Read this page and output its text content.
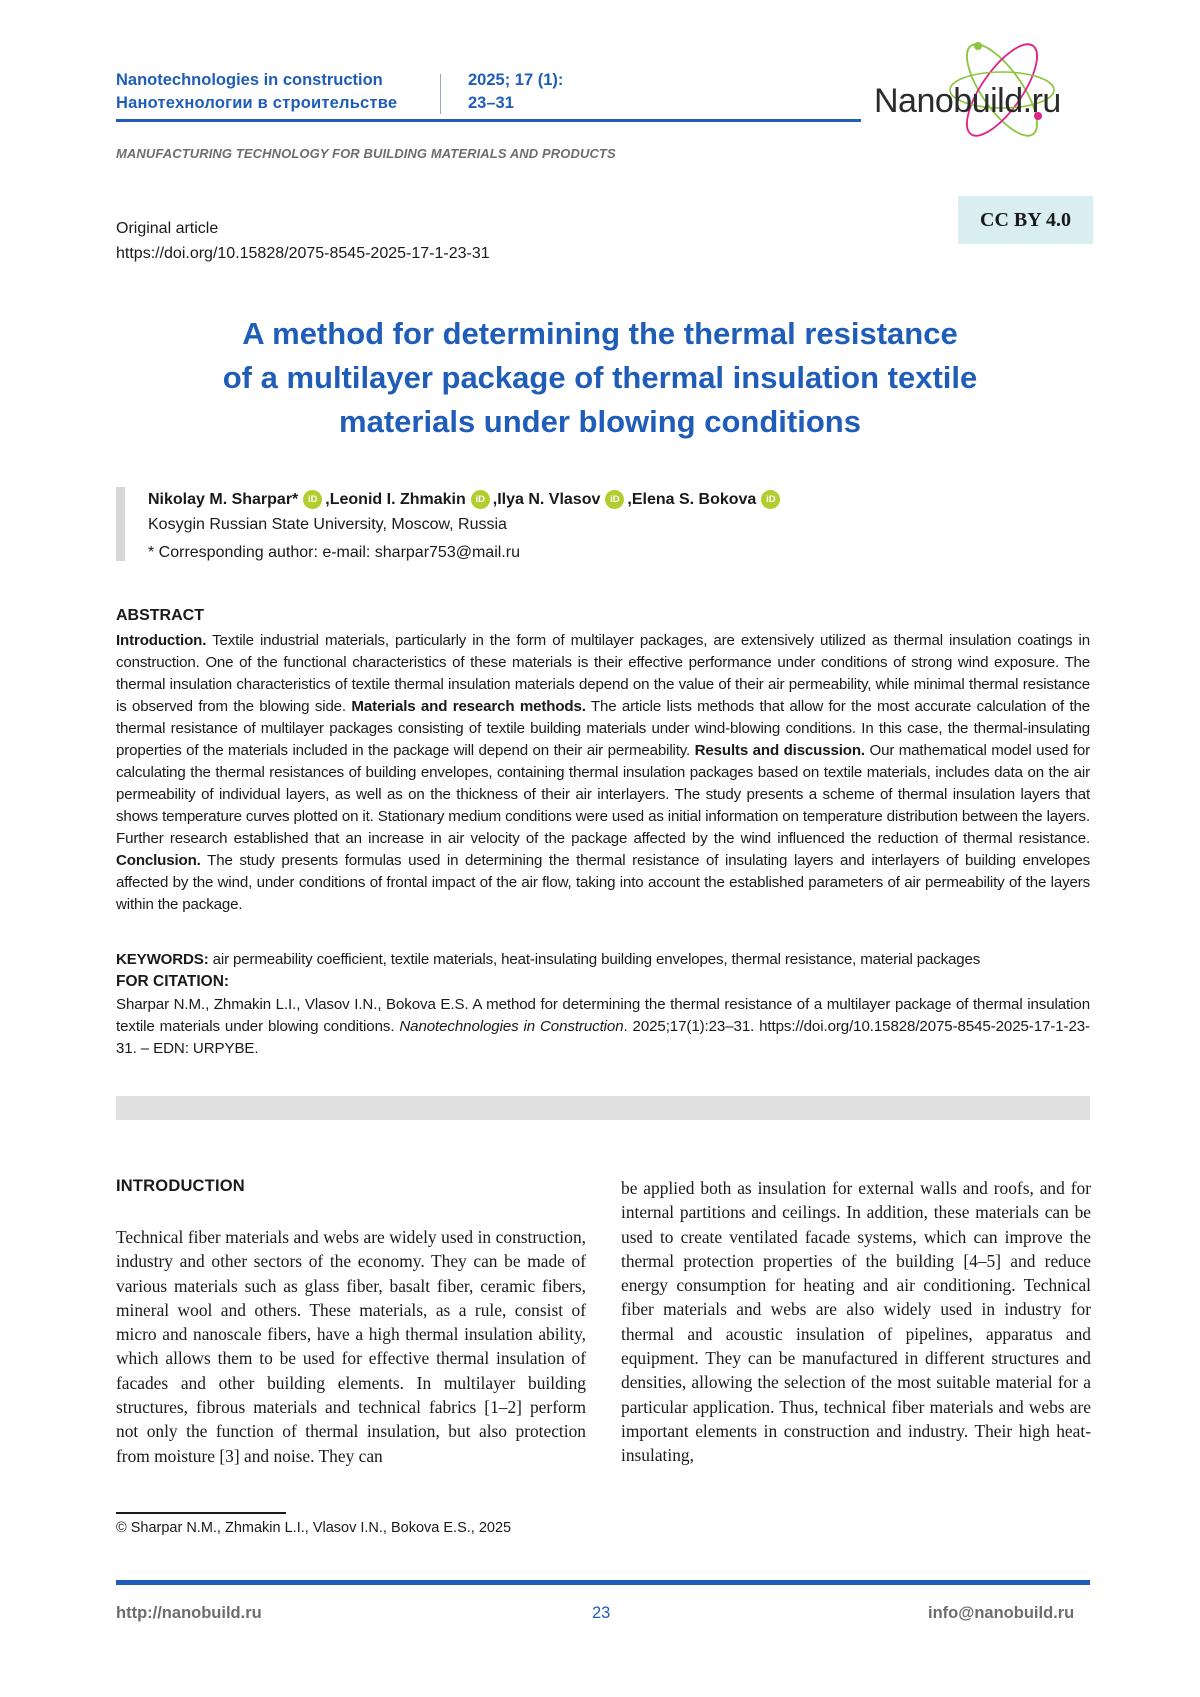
Nanotechnologies in construction
Нанотехнологии в строительстве
2025; 17 (1):
23–31	Nanobuild.ru
MANUFACTURING TECHNOLOGY FOR BUILDING MATERIALS AND PRODUCTS
Original article
https://doi.org/10.15828/2075-8545-2025-17-1-23-31
CC BY 4.0
A method for determining the thermal resistance
of a multilayer package of thermal insulation textile
materials under blowing conditions
Nikolay M. Sharpar*	iD , Leonid I. Zhmakin	iD , Ilya N. Vlasov	iD , Elena S. Bokova	iD
Kosygin Russian State University, Moscow, Russia
* Corresponding author: e-mail: sharpar753@mail.ru
ABSTRACT
Introduction. Textile industrial materials, particularly in the form of multilayer packages, are extensively utilized as thermal insulation coatings in construction. One of the functional characteristics of these materials is their effective performance under conditions of strong wind exposure. The thermal insulation characteristics of textile thermal insulation materials depend on the value of their air permeability, while minimal thermal resistance is observed from the blowing side. Materials and research methods. The article lists methods that allow for the most accurate calculation of the thermal resistance of multilayer packages consisting of textile building materials under wind-blowing conditions. In this case, the thermal-insulating properties of the materials included in the package will depend on their air permeability. Results and discussion. Our mathematical model used for calculating the thermal resistances of building envelopes, containing thermal insulation packages based on textile materials, includes data on the air permeability of individual layers, as well as on the thickness of their air interlayers. The study presents a scheme of thermal insulation layers that shows temperature curves plotted on it. Stationary medium conditions were used as initial information on temperature distribution between the layers. Further research established that an increase in air velocity of the package affected by the wind influenced the reduction of thermal resistance. Conclusion. The study presents formulas used in determining the thermal resistance of insulating layers and interlayers of building envelopes affected by the wind, under conditions of frontal impact of the air flow, taking into account the established parameters of air permeability of the layers within the package.
KEYWORDS: air permeability coefficient, textile materials, heat-insulating building envelopes, thermal resistance, material packages
FOR CITATION:
Sharpar N.M., Zhmakin L.I., Vlasov I.N., Bokova E.S. A method for determining the thermal resistance of a multilayer package of thermal insulation textile materials under blowing conditions. Nanotechnologies in Construction. 2025;17(1):23–31. https://doi.org/10.15828/2075-8545-2025-17-1-23-31. – EDN: URPYBE.
INTRODUCTION
Technical fiber materials and webs are widely used in construction, industry and other sectors of the economy. They can be made of various materials such as glass fiber, basalt fiber, ceramic fibers, mineral wool and others. These materials, as a rule, consist of micro and nanoscale fibers, have a high thermal insulation ability, which allows them to be used for effective thermal insulation of facades and other building elements. In multilayer building structures, fibrous materials and technical fabrics [1–2] perform not only the function of thermal insulation, but also protection from moisture [3] and noise. They can
be applied both as insulation for external walls and roofs, and for internal partitions and ceilings. In addition, these materials can be used to create ventilated facade systems, which can improve the thermal protection properties of the building [4–5] and reduce energy consumption for heating and air conditioning. Technical fiber materials and webs are also widely used in industry for thermal and acoustic insulation of pipelines, apparatus and equipment. They can be manufactured in different structures and densities, allowing the selection of the most suitable material for a particular application. Thus, technical fiber materials and webs are important elements in construction and industry. Their high heat-insulating,
© Sharpar N.M., Zhmakin L.I., Vlasov I.N., Bokova E.S., 2025
http://nanobuild.ru	23	info@nanobuild.ru
